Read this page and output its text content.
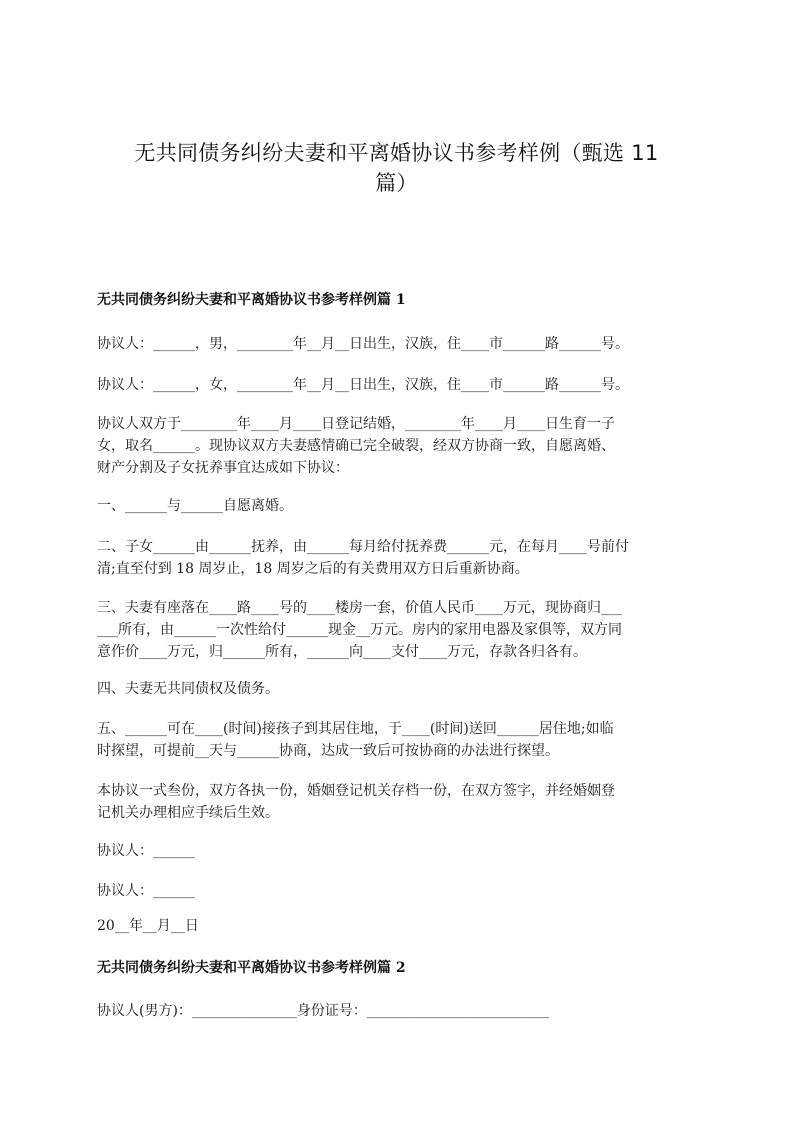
无共同债务纠纷夫妻和平离婚协议书参考样例（甄选 11
篇）
无共同债务纠纷夫妻和平离婚协议书参考样例篇 1
协议人：______，男，________年__月__日出生，汉族，住____市______路______号。
协议人：______，女，________年__月__日出生，汉族，住____市______路______号。
协议人双方于________年____月____日登记结婚，________年____月____日生育一子
女，取名______。现协议双方夫妻感情确已完全破裂，经双方协商一致，自愿离婚、
财产分割及子女抚养事宜达成如下协议：
一、______与______自愿离婚。
二、子女______由______抚养，由______每月给付抚养费______元，在每月____号前付
清;直至付到 18 周岁止，18 周岁之后的有关费用双方日后重新协商。
三、夫妻有座落在____路____号的____楼房一套，价值人民币____万元，现协商归___
___所有，由______一次性给付______现金__万元。房内的家用电器及家俱等，双方同
意作价____万元，归______所有，______向____支付____万元，存款各归各有。
四、夫妻无共同债权及债务。
五、______可在____(时间)接孩子到其居住地，于____(时间)送回______居住地;如临
时探望，可提前__天与______协商，达成一致后可按协商的办法进行探望。
本协议一式叁份，双方各执一份，婚姻登记机关存档一份，在双方签字，并经婚姻登
记机关办理相应手续后生效。
协议人：______
协议人：______
20__年__月__日
无共同债务纠纷夫妻和平离婚协议书参考样例篇 2
协议人(男方)：_______________身份证号：__________________________
